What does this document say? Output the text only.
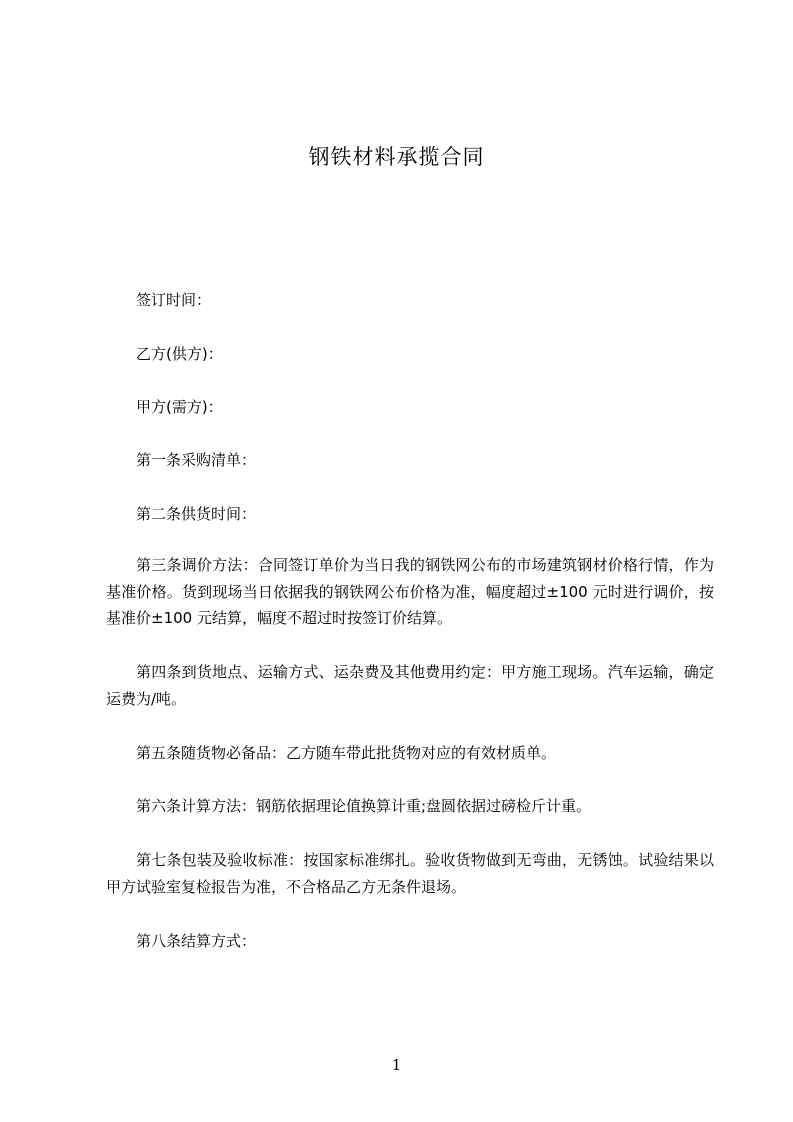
钢铁材料承揽合同
签订时间：
乙方(供方)：
甲方(需方)：
第一条采购清单：
第二条供货时间：
第三条调价方法：合同签订单价为当日我的钢铁网公布的市场建筑钢材价格行情，作为基准价格。货到现场当日依据我的钢铁网公布价格为准，幅度超过±100 元时进行调价，按基准价±100 元结算，幅度不超过时按签订价结算。
第四条到货地点、运输方式、运杂费及其他费用约定：甲方施工现场。汽车运输，确定运费为/吨。
第五条随货物必备品：乙方随车带此批货物对应的有效材质单。
第六条计算方法：钢筋依据理论值换算计重;盘圆依据过磅检斤计重。
第七条包装及验收标准：按国家标准绑扎。验收货物做到无弯曲，无锈蚀。试验结果以甲方试验室复检报告为准，不合格品乙方无条件退场。
第八条结算方式：
1
